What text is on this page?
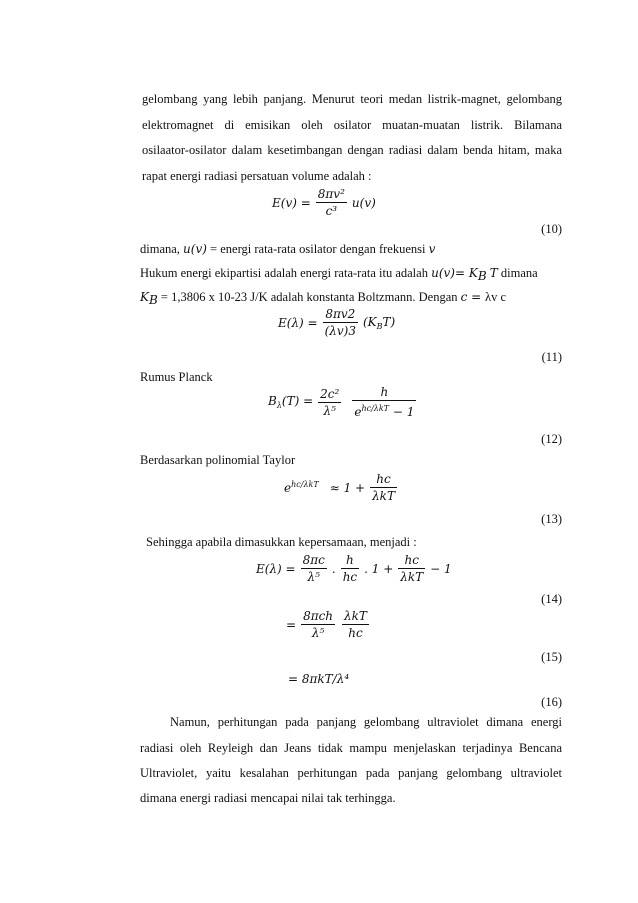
gelombang yang lebih panjang. Menurut teori medan listrik-magnet, gelombang
elektromagnet di emisikan oleh osilator muatan-muatan listrik. Bilamana
osilaator-osilator dalam kesetimbangan dengan radiasi dalam benda hitam, maka
rapat energi radiasi persatuan volume adalah :
$E(v) = \frac{\text{8πv²}}{\text{c³}} u(v)$
(10)
dimana, u(v) = energi rata-rata osilator dengan frekuensi v
Hukum energi ekipartisi adalah energi rata-rata itu adalah $u(v)= K_B$ T dimana
$K_B = 1,3806$ x 10-23 J/K adalah konstanta Boltzmann. Dengan c = λv c
$E(\lambda) = \frac{8\pi v2}{(\lambda v)3} (K_BT)$
(11)
Rumus Planck
$B_\lambda(T) = \frac{\text{2c²}}{\text{λ⁵}} \frac{h}{e^{hc/\lambda kT} - 1}$
(12)
Berdasarkan polinomial Taylor
$e^{hc/\lambda kT} \approx 1 + \frac{hc}{\text{λkT}}$
(13)
Sehingga apabila dimasukkan kepersamaan, menjadi :
$E(\lambda) = \frac{8\pi c}{\text{λ⁵}}$ . $\frac{h}{hc}$ . $1 + \frac{hc}{\text{λkT}} - 1$
(14)
= $\frac{\text{8πch}}{\text{λ⁵}} \frac{\text{λkT}}{hc}$
(15)
= 8πkT/λ⁴
(16)
Namun, perhitungan pada panjang gelombang ultraviolet dimana energi
radiasi oleh Reyleigh dan Jeans tidak mampu menjelaskan terjadinya Bencana
Ultraviolet, yaitu kesalahan perhitungan pada panjang gelombang ultraviolet
dimana energi radiasi mencapai nilai tak terhingga.
